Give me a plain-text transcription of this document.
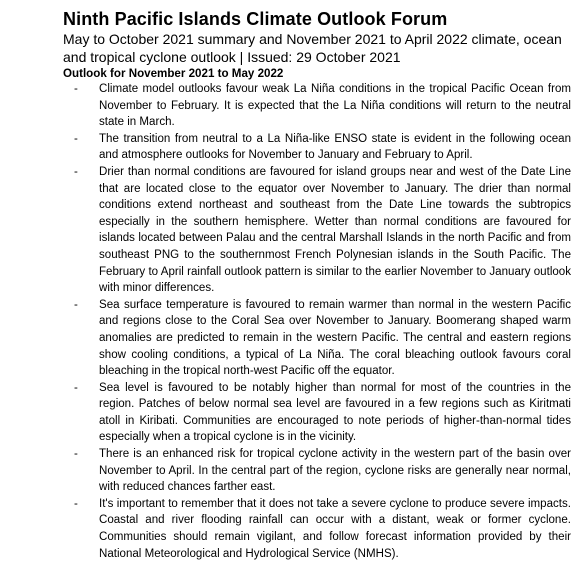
Ninth Pacific Islands Climate Outlook Forum

May to October 2021 summary and November 2021 to April 2022 climate, ocean and tropical cyclone outlook | Issued: 29 October 2021

Outlook for November 2021 to May 2022

-	Climate model outlooks favour weak La Niña conditions in the tropical Pacific Ocean from November to February. It is expected that the La Niña conditions will return to the neutral state in March.
-	The transition from neutral to a La Niña-like ENSO state is evident in the following ocean and atmosphere outlooks for November to January and February to April.
-	Drier than normal conditions are favoured for island groups near and west of the Date Line that are located close to the equator over November to January. The drier than normal conditions extend northeast and southeast from the Date Line towards the subtropics especially in the southern hemisphere. Wetter than normal conditions are favoured for islands located between Palau and the central Marshall Islands in the north Pacific and from southeast PNG to the southernmost French Polynesian islands in the South Pacific. The February to April rainfall outlook pattern is similar to the earlier November to January outlook with minor differences.
-	Sea surface temperature is favoured to remain warmer than normal in the western Pacific and regions close to the Coral Sea over November to January. Boomerang shaped warm anomalies are predicted to remain in the western Pacific. The central and eastern regions show cooling conditions, a typical of La Niña. The coral bleaching outlook favours coral bleaching in the tropical north-west Pacific off the equator.
-	Sea level is favoured to be notably higher than normal for most of the countries in the region. Patches of below normal sea level are favoured in a few regions such as Kiritmati atoll in Kiribati. Communities are encouraged to note periods of higher-than-normal tides especially when a tropical cyclone is in the vicinity.
-	There is an enhanced risk for tropical cyclone activity in the western part of the basin over November to April. In the central part of the region, cyclone risks are generally near normal, with reduced chances farther east.
-	It's important to remember that it does not take a severe cyclone to produce severe impacts. Coastal and river flooding rainfall can occur with a distant, weak or former cyclone. Communities should remain vigilant, and follow forecast information provided by their National Meteorological and Hydrological Service (NMHS).
